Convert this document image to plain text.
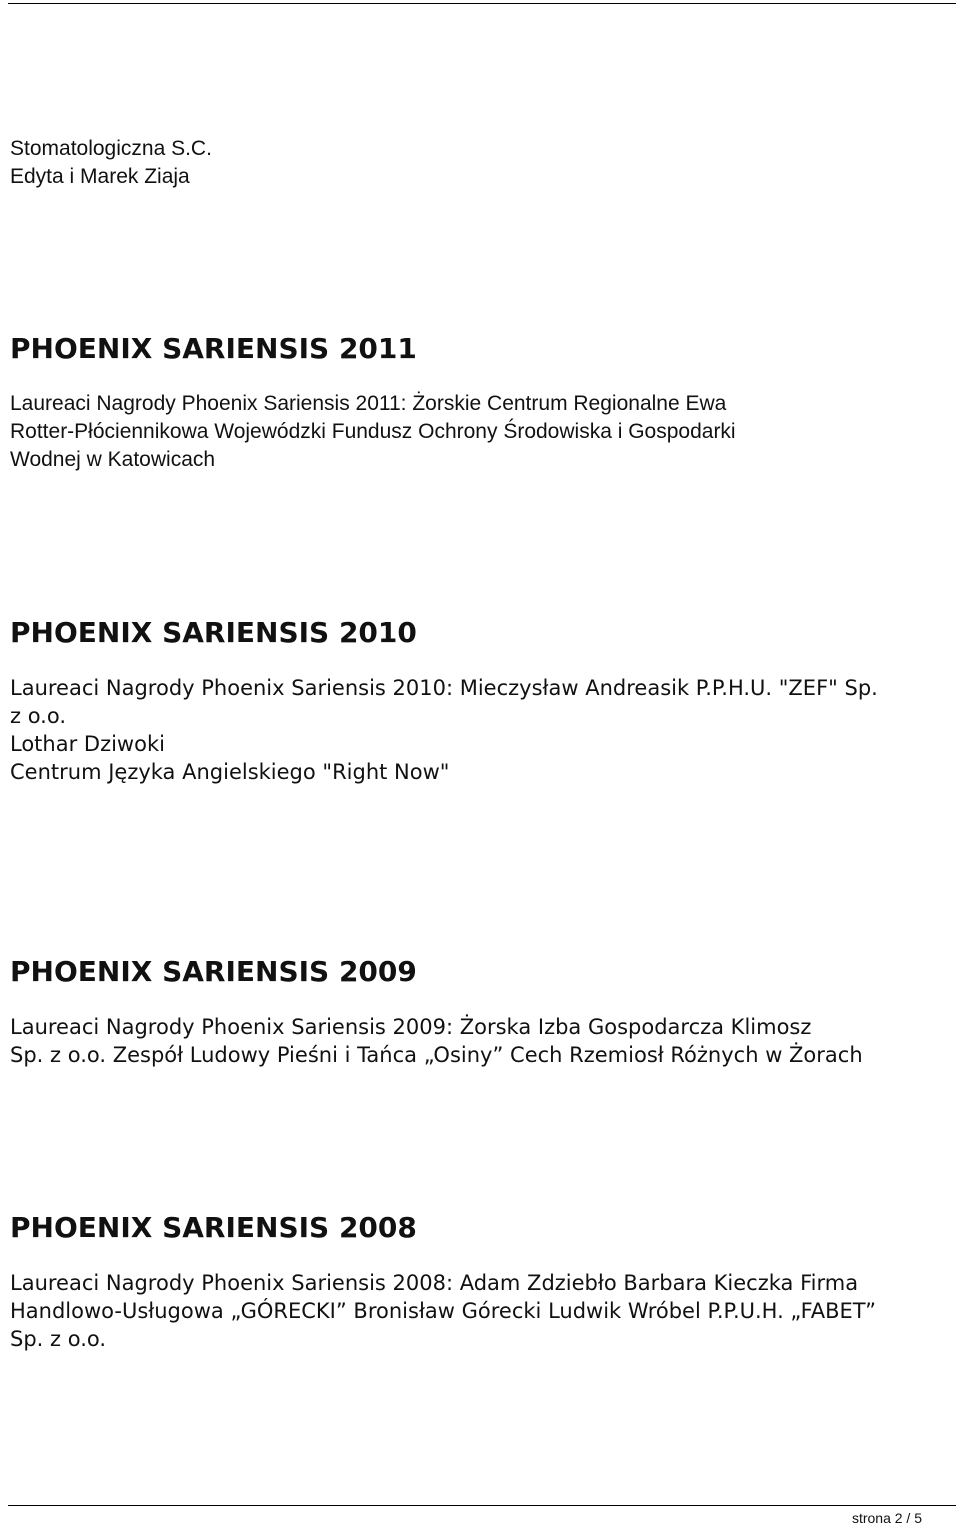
Stomatologiczna S.C.
Edyta i Marek Ziaja
PHOENIX SARIENSIS 2011
Laureaci Nagrody Phoenix Sariensis 2011: Żorskie Centrum Regionalne Ewa
Rotter-Płóciennikowa Wojewódzki Fundusz Ochrony Środowiska i Gospodarki
Wodnej w Katowicach
PHOENIX SARIENSIS 2010
Laureaci Nagrody Phoenix Sariensis 2010: Mieczysław Andreasik P.P.H.U. "ZEF" Sp.
z o.o.
Lothar Dziwoki
Centrum Języka Angielskiego "Right Now"
PHOENIX SARIENSIS 2009
Laureaci Nagrody Phoenix Sariensis 2009: Żorska Izba Gospodarcza Klimosz
Sp. z o.o. Zespół Ludowy Pieśni i Tańca „Osiny” Cech Rzemiosł Różnych w Żorach
PHOENIX SARIENSIS 2008
Laureaci Nagrody Phoenix Sariensis 2008: Adam Zdziebło Barbara Kieczka Firma
Handlowo-Usługowa „GÓRECKI” Bronisław Górecki Ludwik Wróbel P.P.U.H. „FABET”
Sp. z o.o.
strona 2 / 5
